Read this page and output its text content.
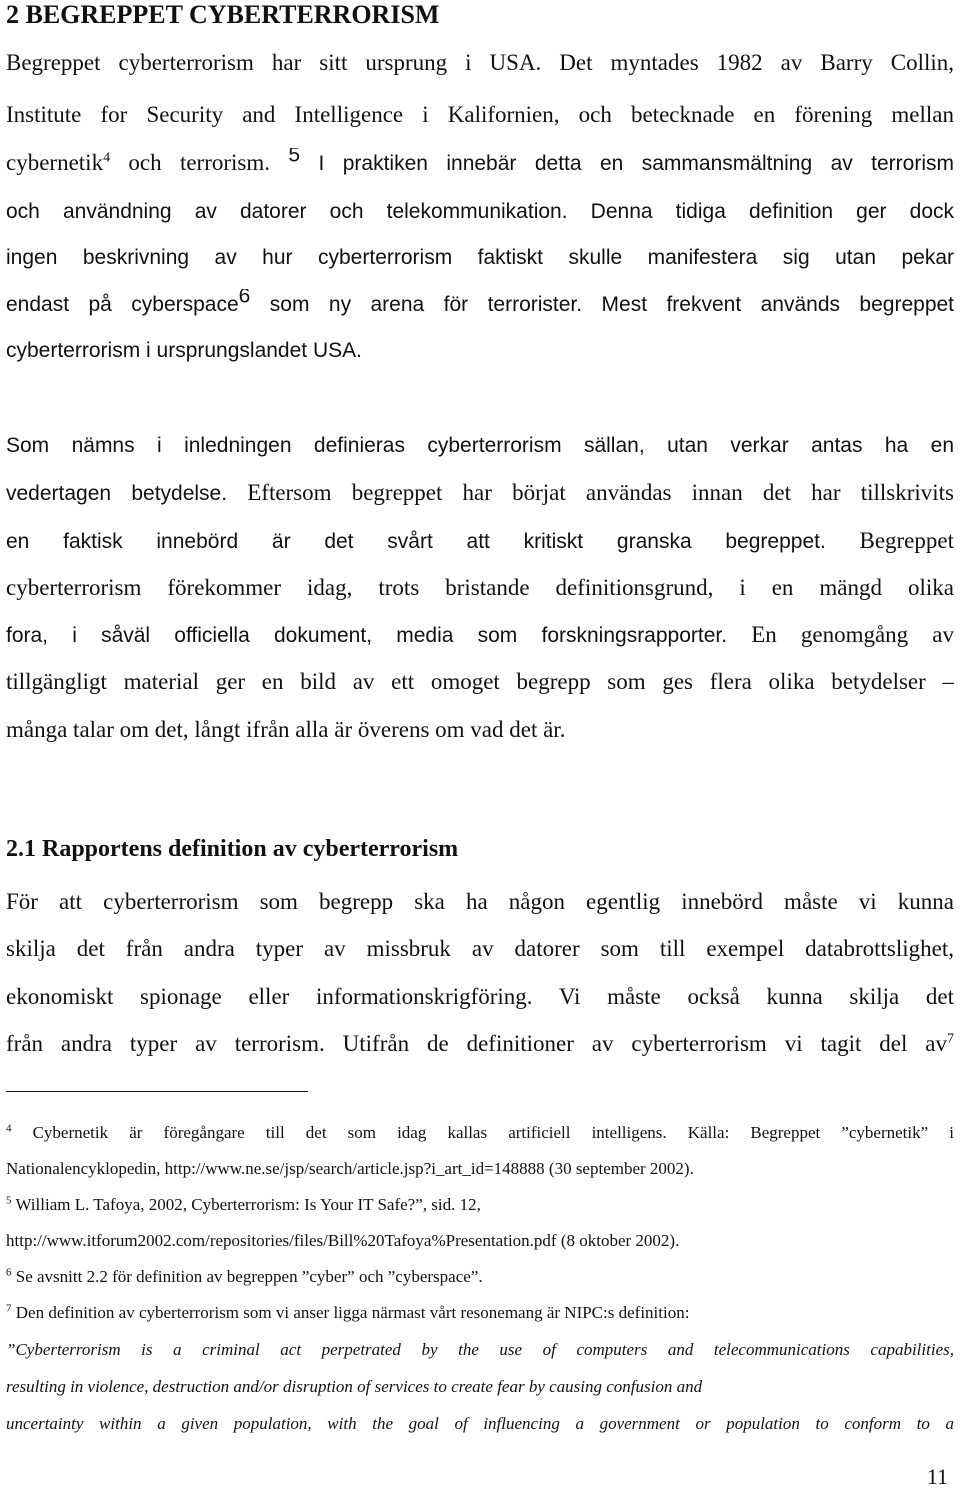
2 BEGREPPET CYBERTERRORISM
Begreppet cyberterrorism har sitt ursprung i USA. Det myntades 1982 av Barry Collin,
Institute for Security and Intelligence i Kalifornien, och betecknade en förening mellan
cybernetik$^4$ och terrorism. $^5$ I praktiken innebär detta en sammansmältning av terrorism
och användning av datorer och telekommunikation. Denna tidiga definition ger dock
ingen beskrivning av hur cyberterrorism faktiskt skulle manifestera sig utan pekar
endast på cyberspace$^6$ som ny arena för terrorister. Mest frekvent används begreppet
cyberterrorism i ursprungslandet USA.
Som nämns i inledningen definieras cyberterrorism sällan, utan verkar antas ha en
vedertagen betydelse. Eftersom begreppet har börjat användas innan det har tillskrivits
en faktisk innebörd är det svårt att kritiskt granska begreppet. Begreppet
cyberterrorism förekommer idag, trots bristande definitionsgrund, i en mängd olika
fora, i såväl officiella dokument, media som forskningsrapporter. En genomgång av
tillgängligt material ger en bild av ett omoget begrepp som ges flera olika betydelser –
många talar om det, långt ifrån alla är överens om vad det är.
2.1 Rapportens definition av cyberterrorism
För att cyberterrorism som begrepp ska ha någon egentlig innebörd måste vi kunna
skilja det från andra typer av missbruk av datorer som till exempel databrottslighet,
ekonomiskt spionage eller informationskrigföring. Vi måste också kunna skilja det
från andra typer av terrorism. Utifrån de definitioner av cyberterrorism vi tagit del $av^7$
$^4$ Cybernetik är föregångare till det som idag kallas artificiell intelligens. Källa: Begreppet ”cybernetik” i
Nationalencyklopedin, http://www.ne.se/jsp/search/article.jsp?i_art_id=148888 (30 september 2002).
$^5$ William L. Tafoya, 2002, Cyberterrorism: Is Your IT Safe?”, sid. 12,
http://www.itforum2002.com/repositories/files/Bill%20Tafoya%Presentation.pdf (8 oktober 2002).
$^6$ Se avsnitt 2.2 för definition av begreppen ”cyber” och ”cyberspace”.
$^7$ Den definition av cyberterrorism som vi anser ligga närmast vårt resonemang är NIPC:s definition:
”Cyberterrorism is a criminal act perpetrated by the use of computers and telecommunications capabilities,
resulting in violence, destruction and/or disruption of services to create fear by causing confusion and
uncertainty within a given population, with the goal of influencing a government or population to conform to a
11
